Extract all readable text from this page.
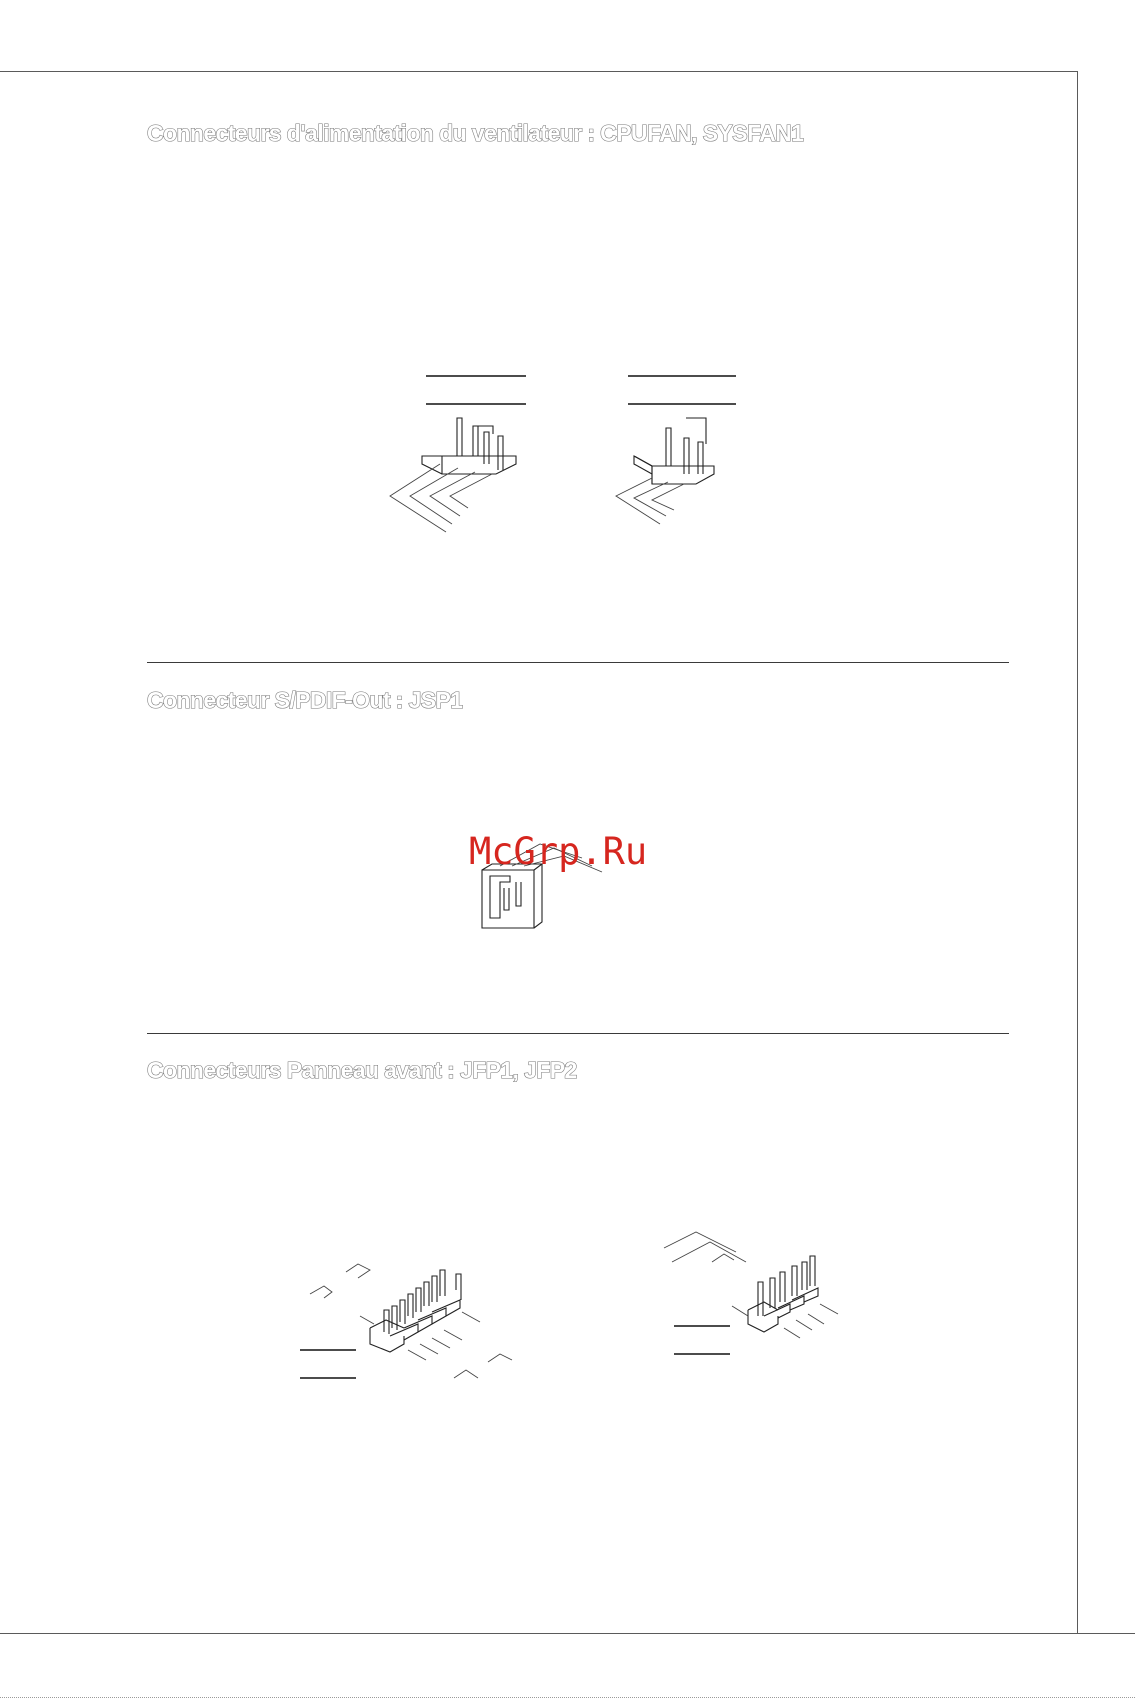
Connecteurs d'alimentation du ventilateur : CPUFAN, SYSFAN1
Connecteur S/PDIF-Out : JSP1

McGrp.Ru

Connecteurs Panneau avant : JFP1, JFP2
